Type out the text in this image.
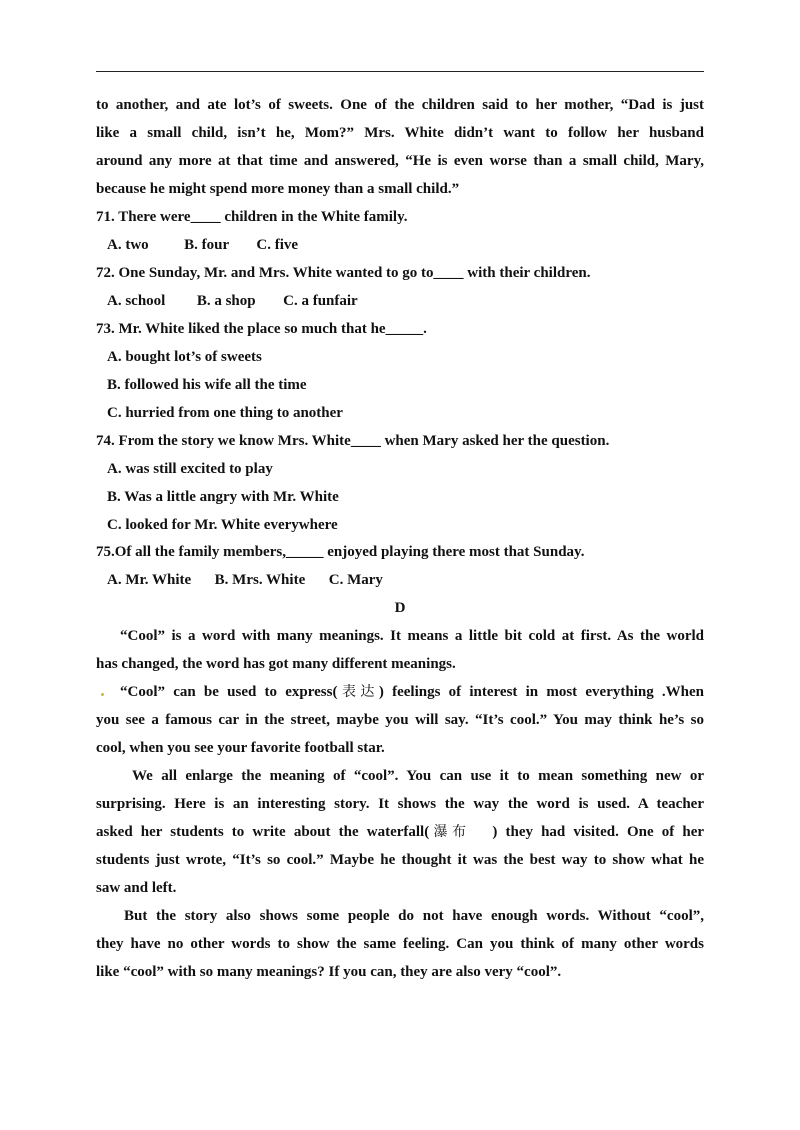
to another, and ate lot’s of sweets. One of the children said to her mother, “Dad is just
like a small child, isn’t he, Mom?” Mrs. White didn’t want to follow her husband
around any more at that time and answered, “He is even worse than a small child, Mary,
because he might spend more money than a small child.”
71. There were____ children in the White family.
A. two B. four C. five
72. One Sunday, Mr. and Mrs. White wanted to go to____ with their children.
A. school B. a shop C. a funfair
73. Mr. White liked the place so much that he_____.
A. bought lot’s of sweets
B. followed his wife all the time
C. hurried from one thing to another
74. From the story we know Mrs. White____ when Mary asked her the question.
A. was still excited to play
B. Was a little angry with Mr. White
C. looked for Mr. White everywhere
75.Of all the family members,_____ enjoyed playing there most that Sunday.
A. Mr. White B. Mrs. White C. Mary
D
“Cool” is a word with many meanings. It means a little bit cold at first. As the world
has changed, the word has got many different meanings.
“Cool” can be used to express(表达) feelings of interest in most everything .When
you see a famous car in the street, maybe you will say. “It’s cool.” You may think he’s so
cool, when you see your favorite football star.
We all enlarge the meaning of “cool”. You can use it to mean something new or
surprising. Here is an interesting story. It shows the way the word is used. A teacher
asked her students to write about the waterfall(瀑布 ) they had visited. One of her
students just wrote, “It’s so cool.” Maybe he thought it was the best way to show what he
saw and left.
But the story also shows some people do not have enough words. Without “cool”,
they have no other words to show the same feeling. Can you think of many other words
like “cool” with so many meanings? If you can, they are also very “cool”.
